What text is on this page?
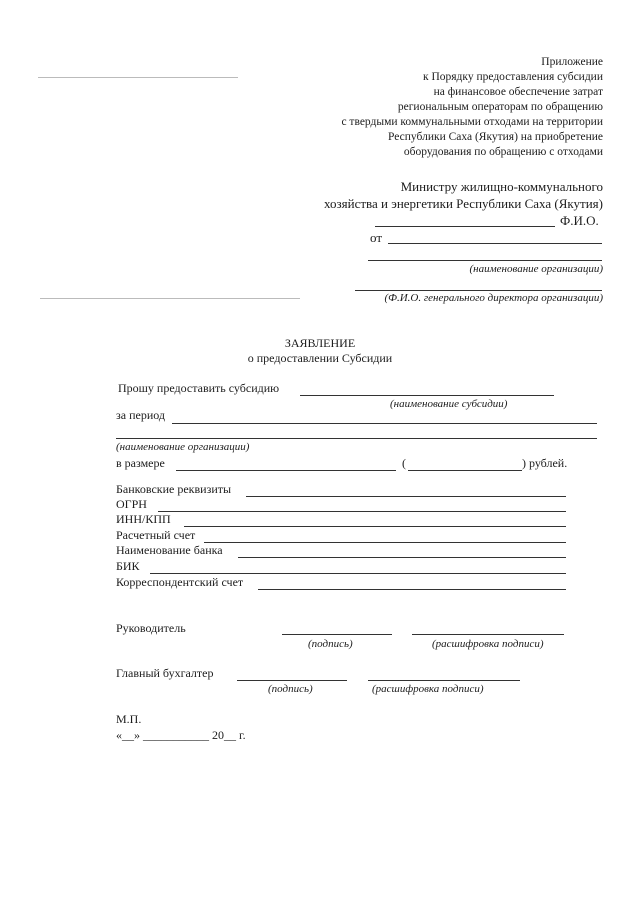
Приложение
к Порядку предоставления субсидии
на финансовое обеспечение затрат
региональным операторам по обращению
с твердыми коммунальными отходами на территории
Республики Саха (Якутия) на приобретение
оборудования по обращению с отходами
Министру жилищно-коммунального
хозяйства и энергетики Республики Саха (Якутия)
Ф.И.О.
от
(наименование организации)
(Ф.И.О. генерального директора организации)
ЗАЯВЛЕНИЕ
о предоставлении Субсидии
Прошу предоставить субсидию
(наименование субсидии)
за период
(наименование организации)
в размере	(	) рублей.
Банковские реквизиты
ОГРН
ИНН/КПП
Расчетный счет
Наименование банка
БИК
Корреспондентский счет
Руководитель
(подпись)	(расшифровка подписи)
Главный бухгалтер
(подпись)	(расшифровка подписи)
М.П.
«__» ___________ 20__ г.
